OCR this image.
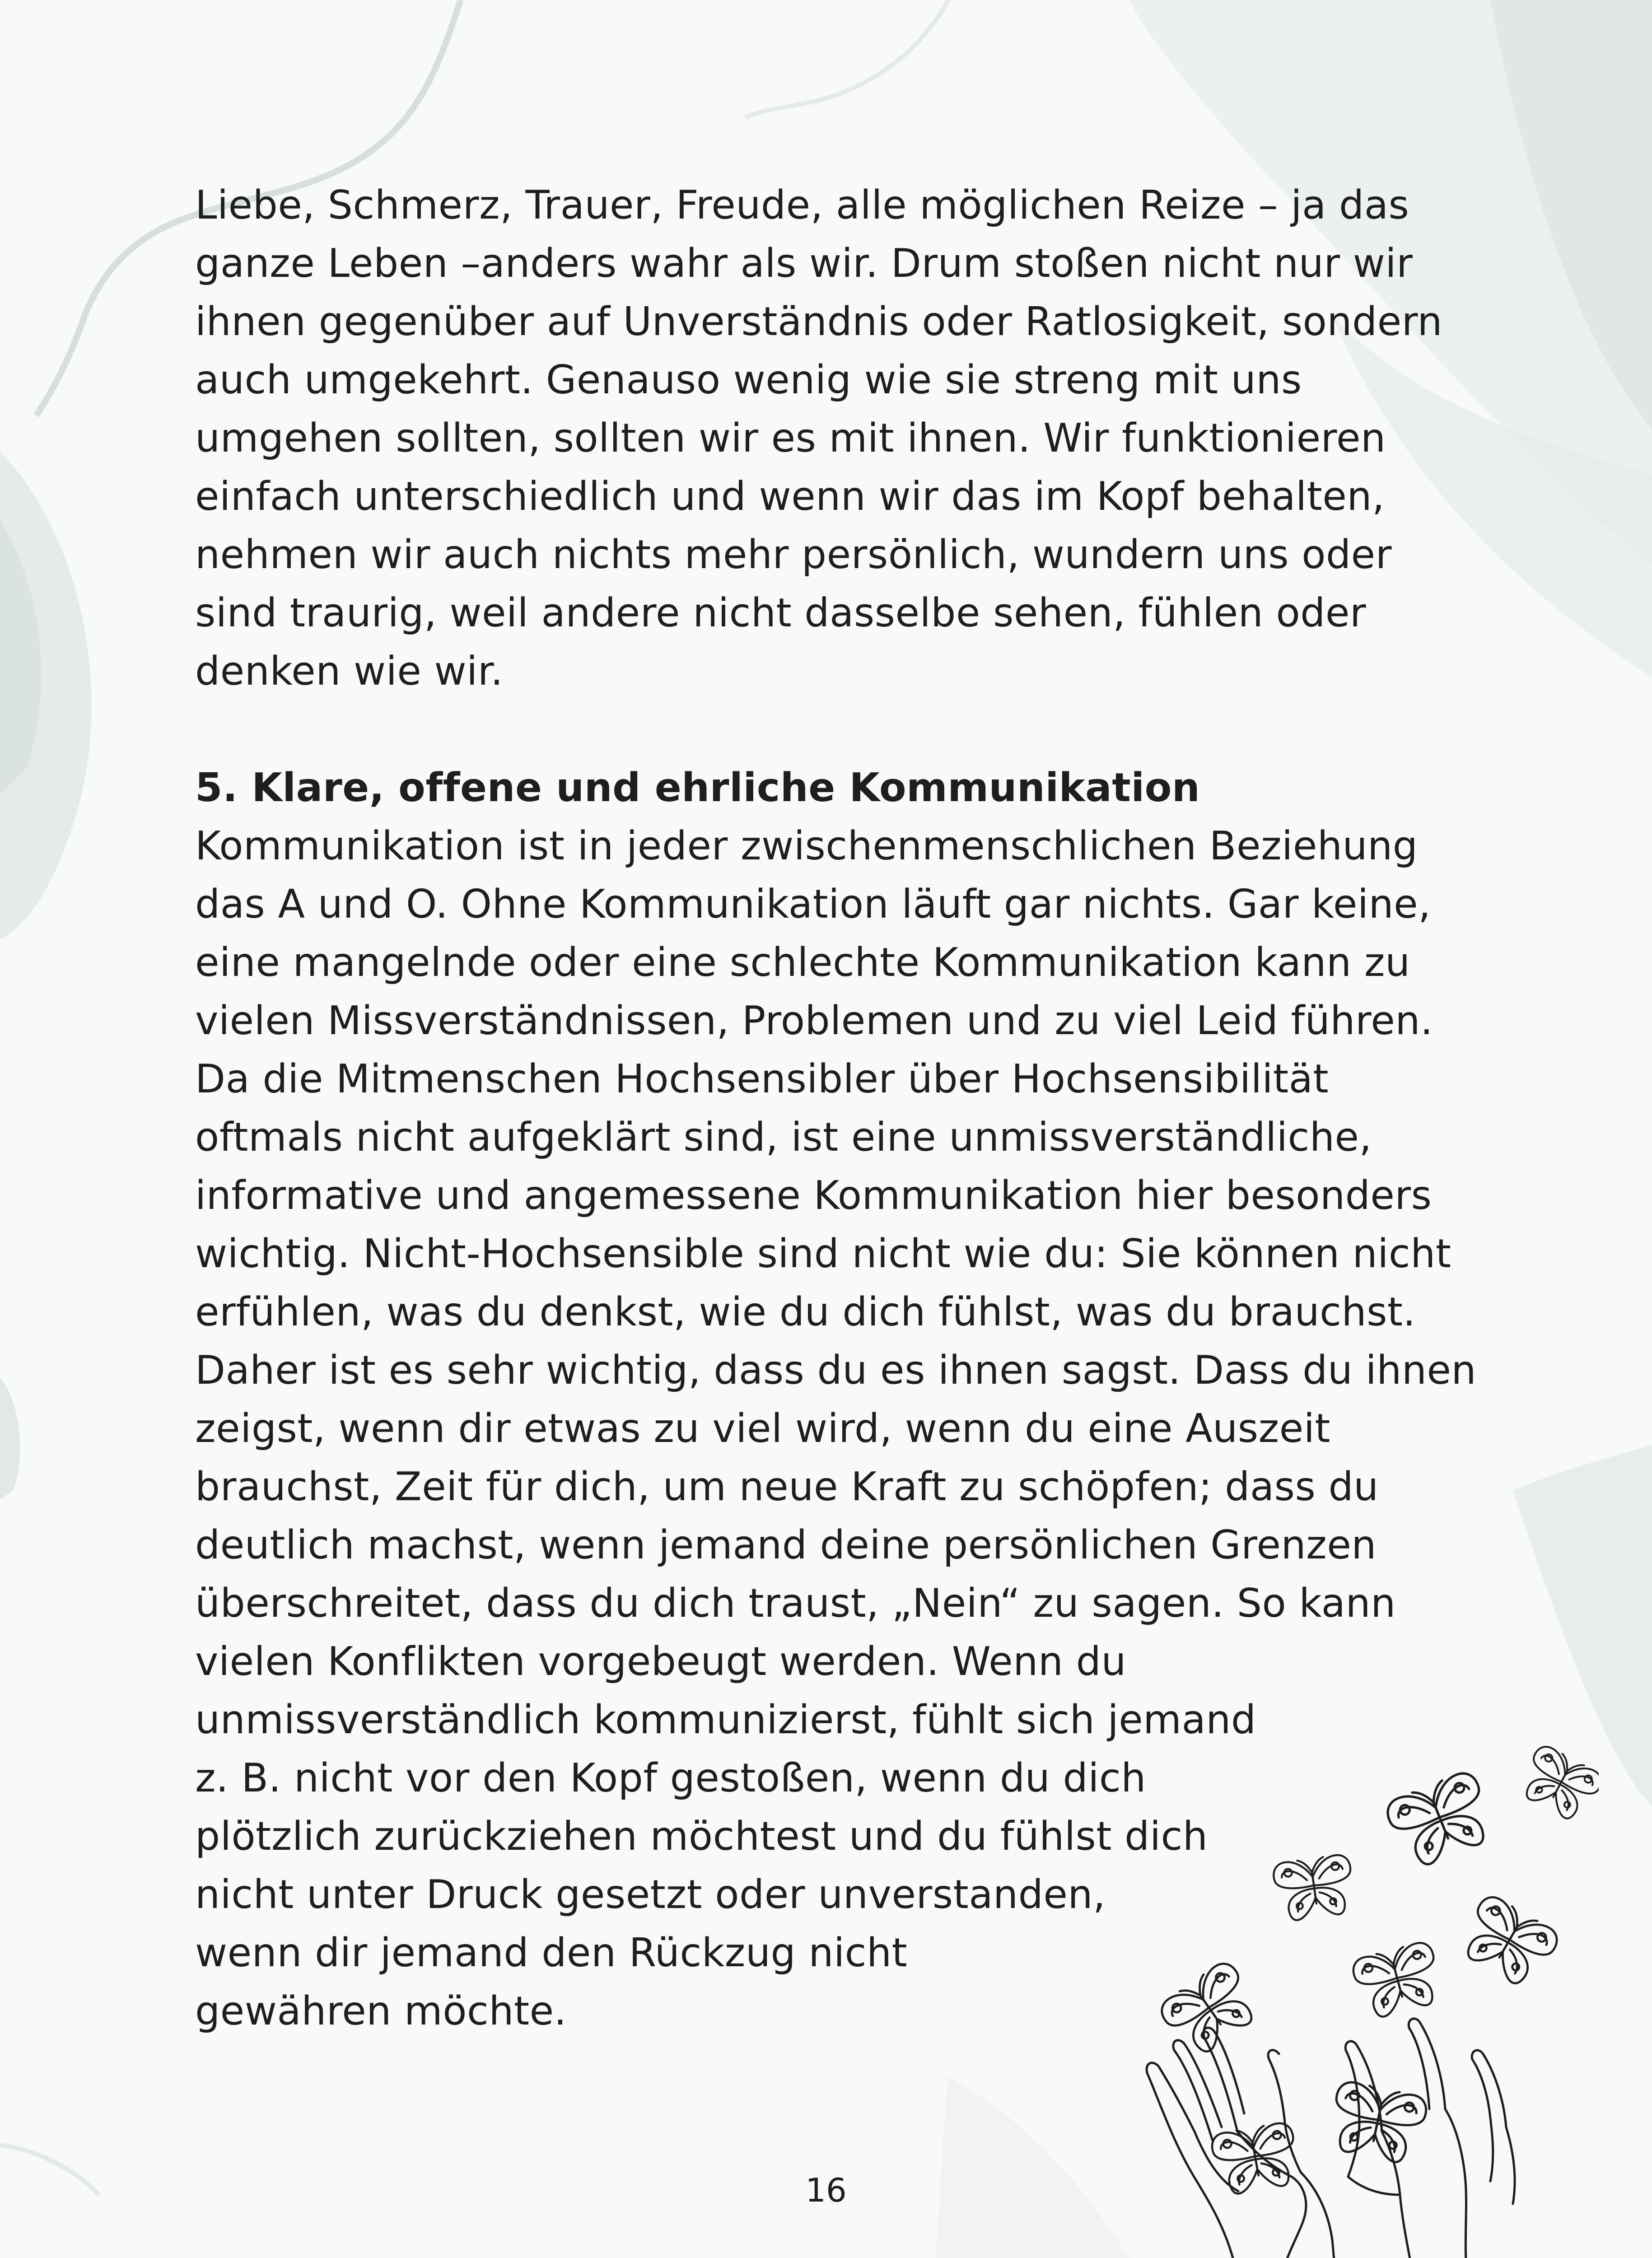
Liebe, Schmerz, Trauer, Freude, alle möglichen Reize – ja das
ganze Leben –anders wahr als wir. Drum stoßen nicht nur wir
ihnen gegenüber auf Unverständnis oder Ratlosigkeit, sondern
auch umgekehrt. Genauso wenig wie sie streng mit uns
umgehen sollten, sollten wir es mit ihnen. Wir funktionieren
einfach unterschiedlich und wenn wir das im Kopf behalten,
nehmen wir auch nichts mehr persönlich, wundern uns oder
sind traurig, weil andere nicht dasselbe sehen, fühlen oder
denken wie wir.

5. Klare, offene und ehrliche Kommunikation

Kommunikation ist in jeder zwischenmenschlichen Beziehung
das A und O. Ohne Kommunikation läuft gar nichts. Gar keine,
eine mangelnde oder eine schlechte Kommunikation kann zu
vielen Missverständnissen, Problemen und zu viel Leid führen.
Da die Mitmenschen Hochsensibler über Hochsensibilität
oftmals nicht aufgeklärt sind, ist eine unmissverständliche,
informative und angemessene Kommunikation hier besonders
wichtig. Nicht-Hochsensible sind nicht wie du: Sie können nicht
erfühlen, was du denkst, wie du dich fühlst, was du brauchst.
Daher ist es sehr wichtig, dass du es ihnen sagst. Dass du ihnen
zeigst, wenn dir etwas zu viel wird, wenn du eine Auszeit
brauchst, Zeit für dich, um neue Kraft zu schöpfen; dass du
deutlich machst, wenn jemand deine persönlichen Grenzen
überschreitet, dass du dich traust, „Nein“ zu sagen. So kann
vielen Konflikten vorgebeugt werden. Wenn du
unmissverständlich kommunizierst, fühlt sich jemand
z. B. nicht vor den Kopf gestoßen, wenn du dich
plötzlich zurückziehen möchtest und du fühlst dich
nicht unter Druck gesetzt oder unverstanden,
wenn dir jemand den Rückzug nicht
gewähren möchte.

16
